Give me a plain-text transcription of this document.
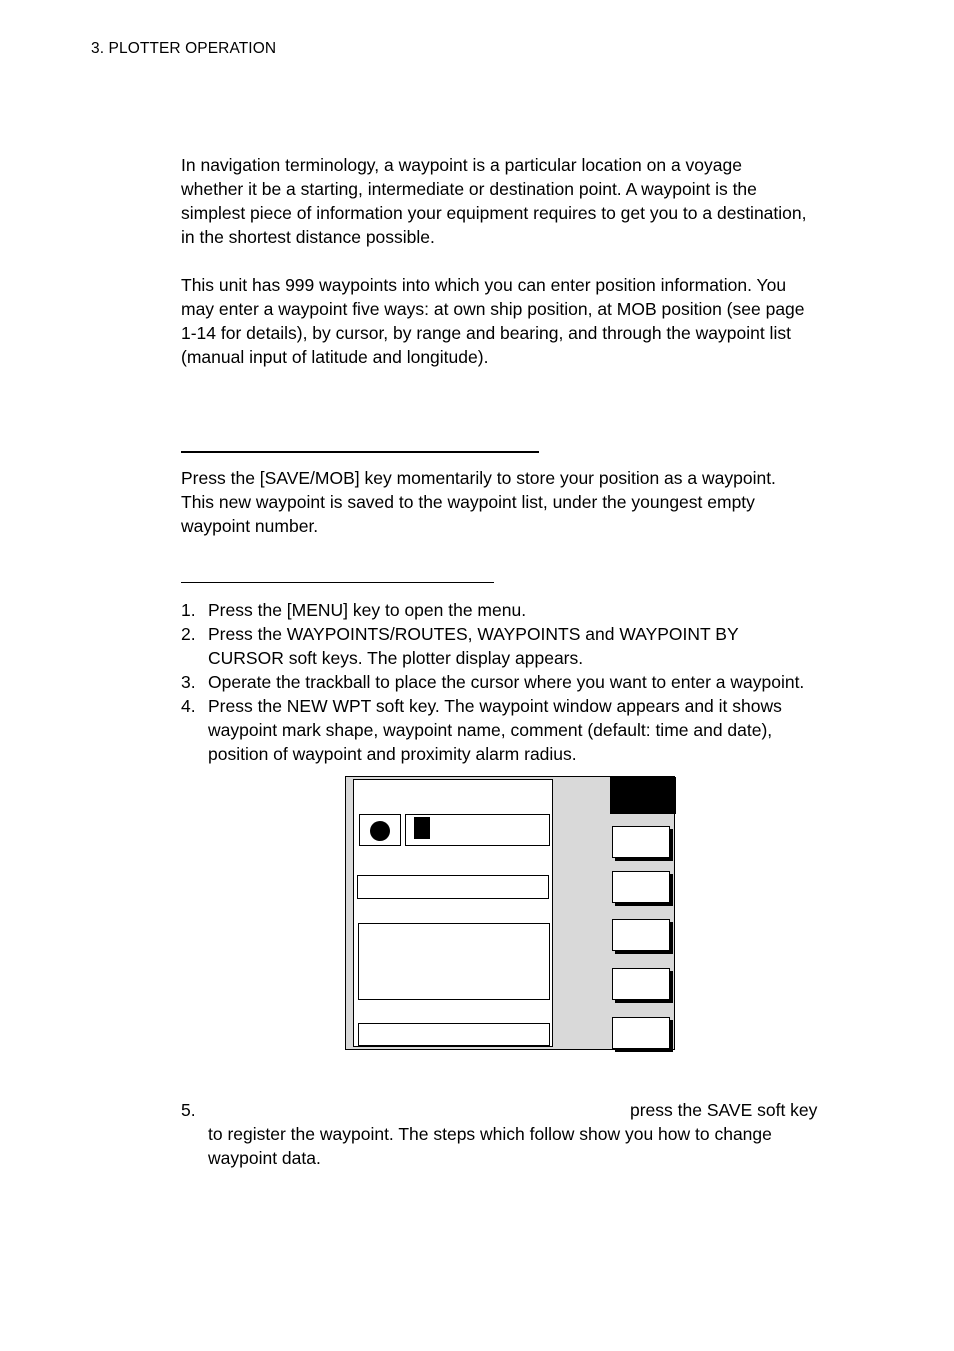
3. PLOTTER OPERATION
In navigation terminology, a waypoint is a particular location on a voyage
whether it be a starting, intermediate or destination point. A waypoint is the
simplest piece of information your equipment requires to get you to a destination,
in the shortest distance possible.
This unit has 999 waypoints into which you can enter position information. You
may enter a waypoint five ways: at own ship position, at MOB position (see page
1-14 for details), by cursor, by range and bearing, and through the waypoint list
(manual input of latitude and longitude).
Press the [SAVE/MOB] key momentarily to store your position as a waypoint.
This new waypoint is saved to the waypoint list, under the youngest empty
waypoint number.
1. Press the [MENU] key to open the menu.
2. Press the WAYPOINTS/ROUTES, WAYPOINTS and WAYPOINT BY
CURSOR soft keys. The plotter display appears.
3. Operate the trackball to place the cursor where you want to enter a waypoint.
4. Press the NEW WPT soft key. The waypoint window appears and it shows
waypoint mark shape, waypoint name, comment (default: time and date),
position of waypoint and proximity alarm radius.
5.	press the SAVE soft key
to register the waypoint. The steps which follow show you how to change
waypoint data.
